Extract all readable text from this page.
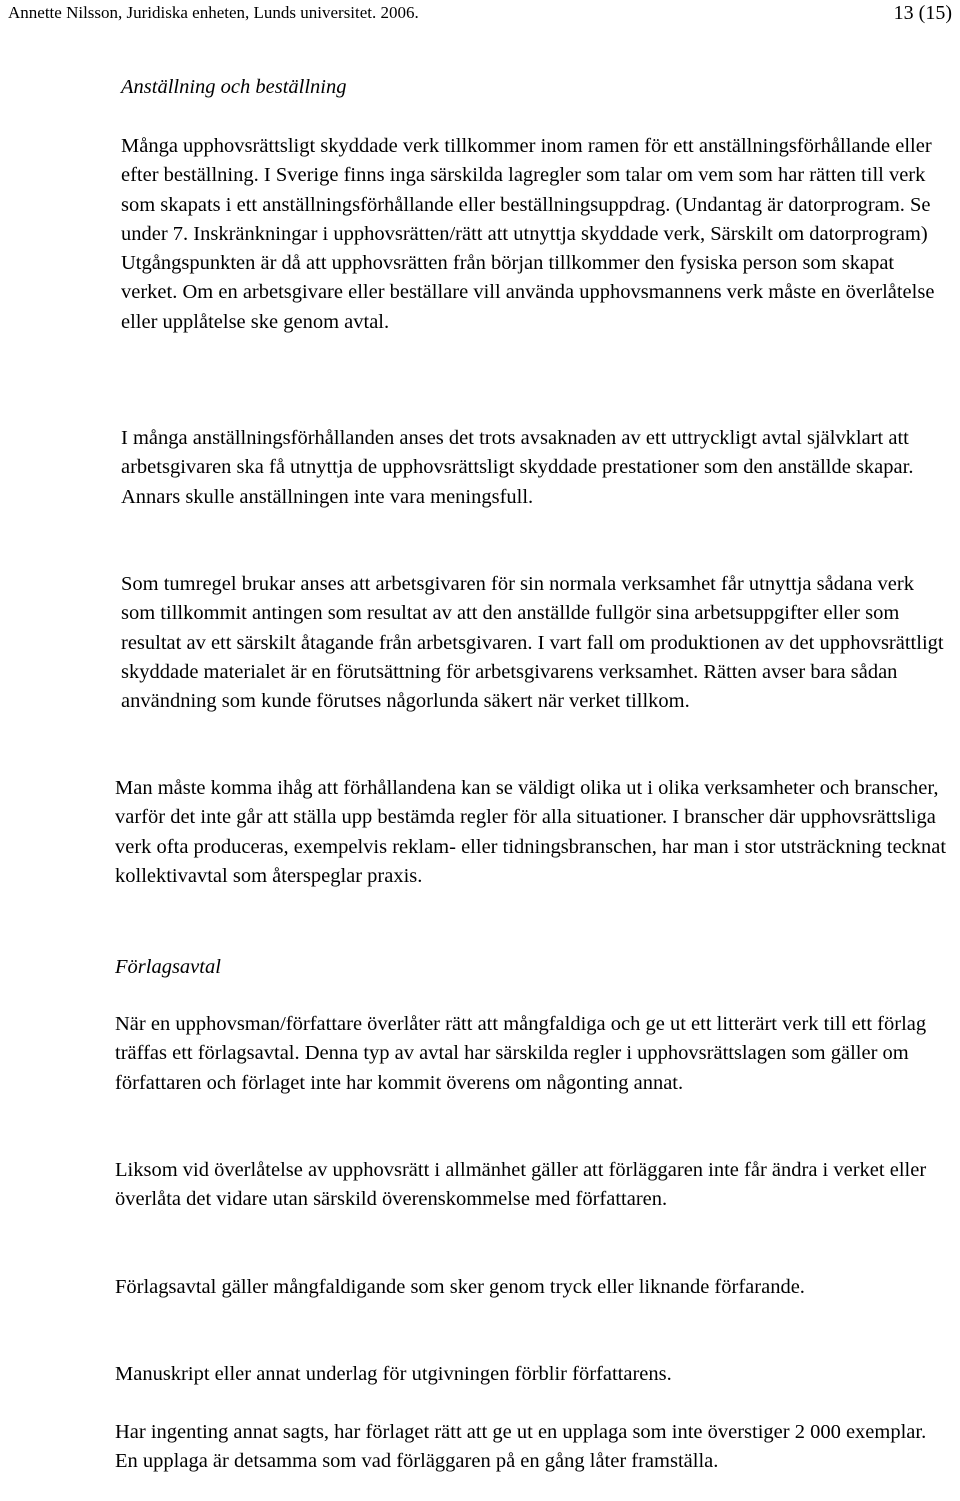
Annette Nilsson, Juridiska enheten, Lunds universitet. 2006.	13 (15)
Anställning och beställning

Många upphovsrättsligt skyddade verk tillkommer inom ramen för ett anställningsförhållande eller efter beställning. I Sverige finns inga särskilda lagregler som talar om vem som har rätten till verk som skapats i ett anställningsförhållande eller beställningsuppdrag. (Undantag är datorprogram. Se under 7. Inskränkningar i upphovsrätten/rätt att utnyttja skyddade verk, Särskilt om datorprogram) Utgångspunkten är då att upphovsrätten från början tillkommer den fysiska person som skapat verket. Om en arbetsgivare eller beställare vill använda upphovsmannens verk måste en överlåtelse eller upplåtelse ske genom avtal.

I många anställningsförhållanden anses det trots avsaknaden av ett uttryckligt avtal självklart att arbetsgivaren ska få utnyttja de upphovsrättsligt skyddade prestationer som den anställde skapar. Annars skulle anställningen inte vara meningsfull.

Som tumregel brukar anses att arbetsgivaren för sin normala verksamhet får utnyttja sådana verk som tillkommit antingen som resultat av att den anställde fullgör sina arbetsuppgifter eller som resultat av ett särskilt åtagande från arbetsgivaren. I vart fall om produktionen av det upphovsrättligt skyddade materialet är en förutsättning för arbetsgivarens verksamhet. Rätten avser bara sådan användning som kunde förutses någorlunda säkert när verket tillkom.

Man måste komma ihåg att förhållandena kan se väldigt olika ut i olika verksamheter och branscher, varför det inte går att ställa upp bestämda regler för alla situationer. I branscher där upphovsrättsliga verk ofta produceras, exempelvis reklam- eller tidningsbranschen, har man i stor utsträckning tecknat kollektivavtal som återspeglar praxis.

Förlagsavtal

När en upphovsman/författare överlåter rätt att mångfaldiga och ge ut ett litterärt verk till ett förlag träffas ett förlagsavtal. Denna typ av avtal har särskilda regler i upphovsrättslagen som gäller om författaren och förlaget inte har kommit överens om någonting annat.

Liksom vid överlåtelse av upphovsrätt i allmänhet gäller att förläggaren inte får ändra i verket eller överlåta det vidare utan särskild överenskommelse med författaren.

Förlagsavtal gäller mångfaldigande som sker genom tryck eller liknande förfarande.

Manuskript eller annat underlag för utgivningen förblir författarens.

Har ingenting annat sagts, har förlaget rätt att ge ut en upplaga som inte överstiger 2 000 exemplar. En upplaga är detsamma som vad förläggaren på en gång låter framställa.
